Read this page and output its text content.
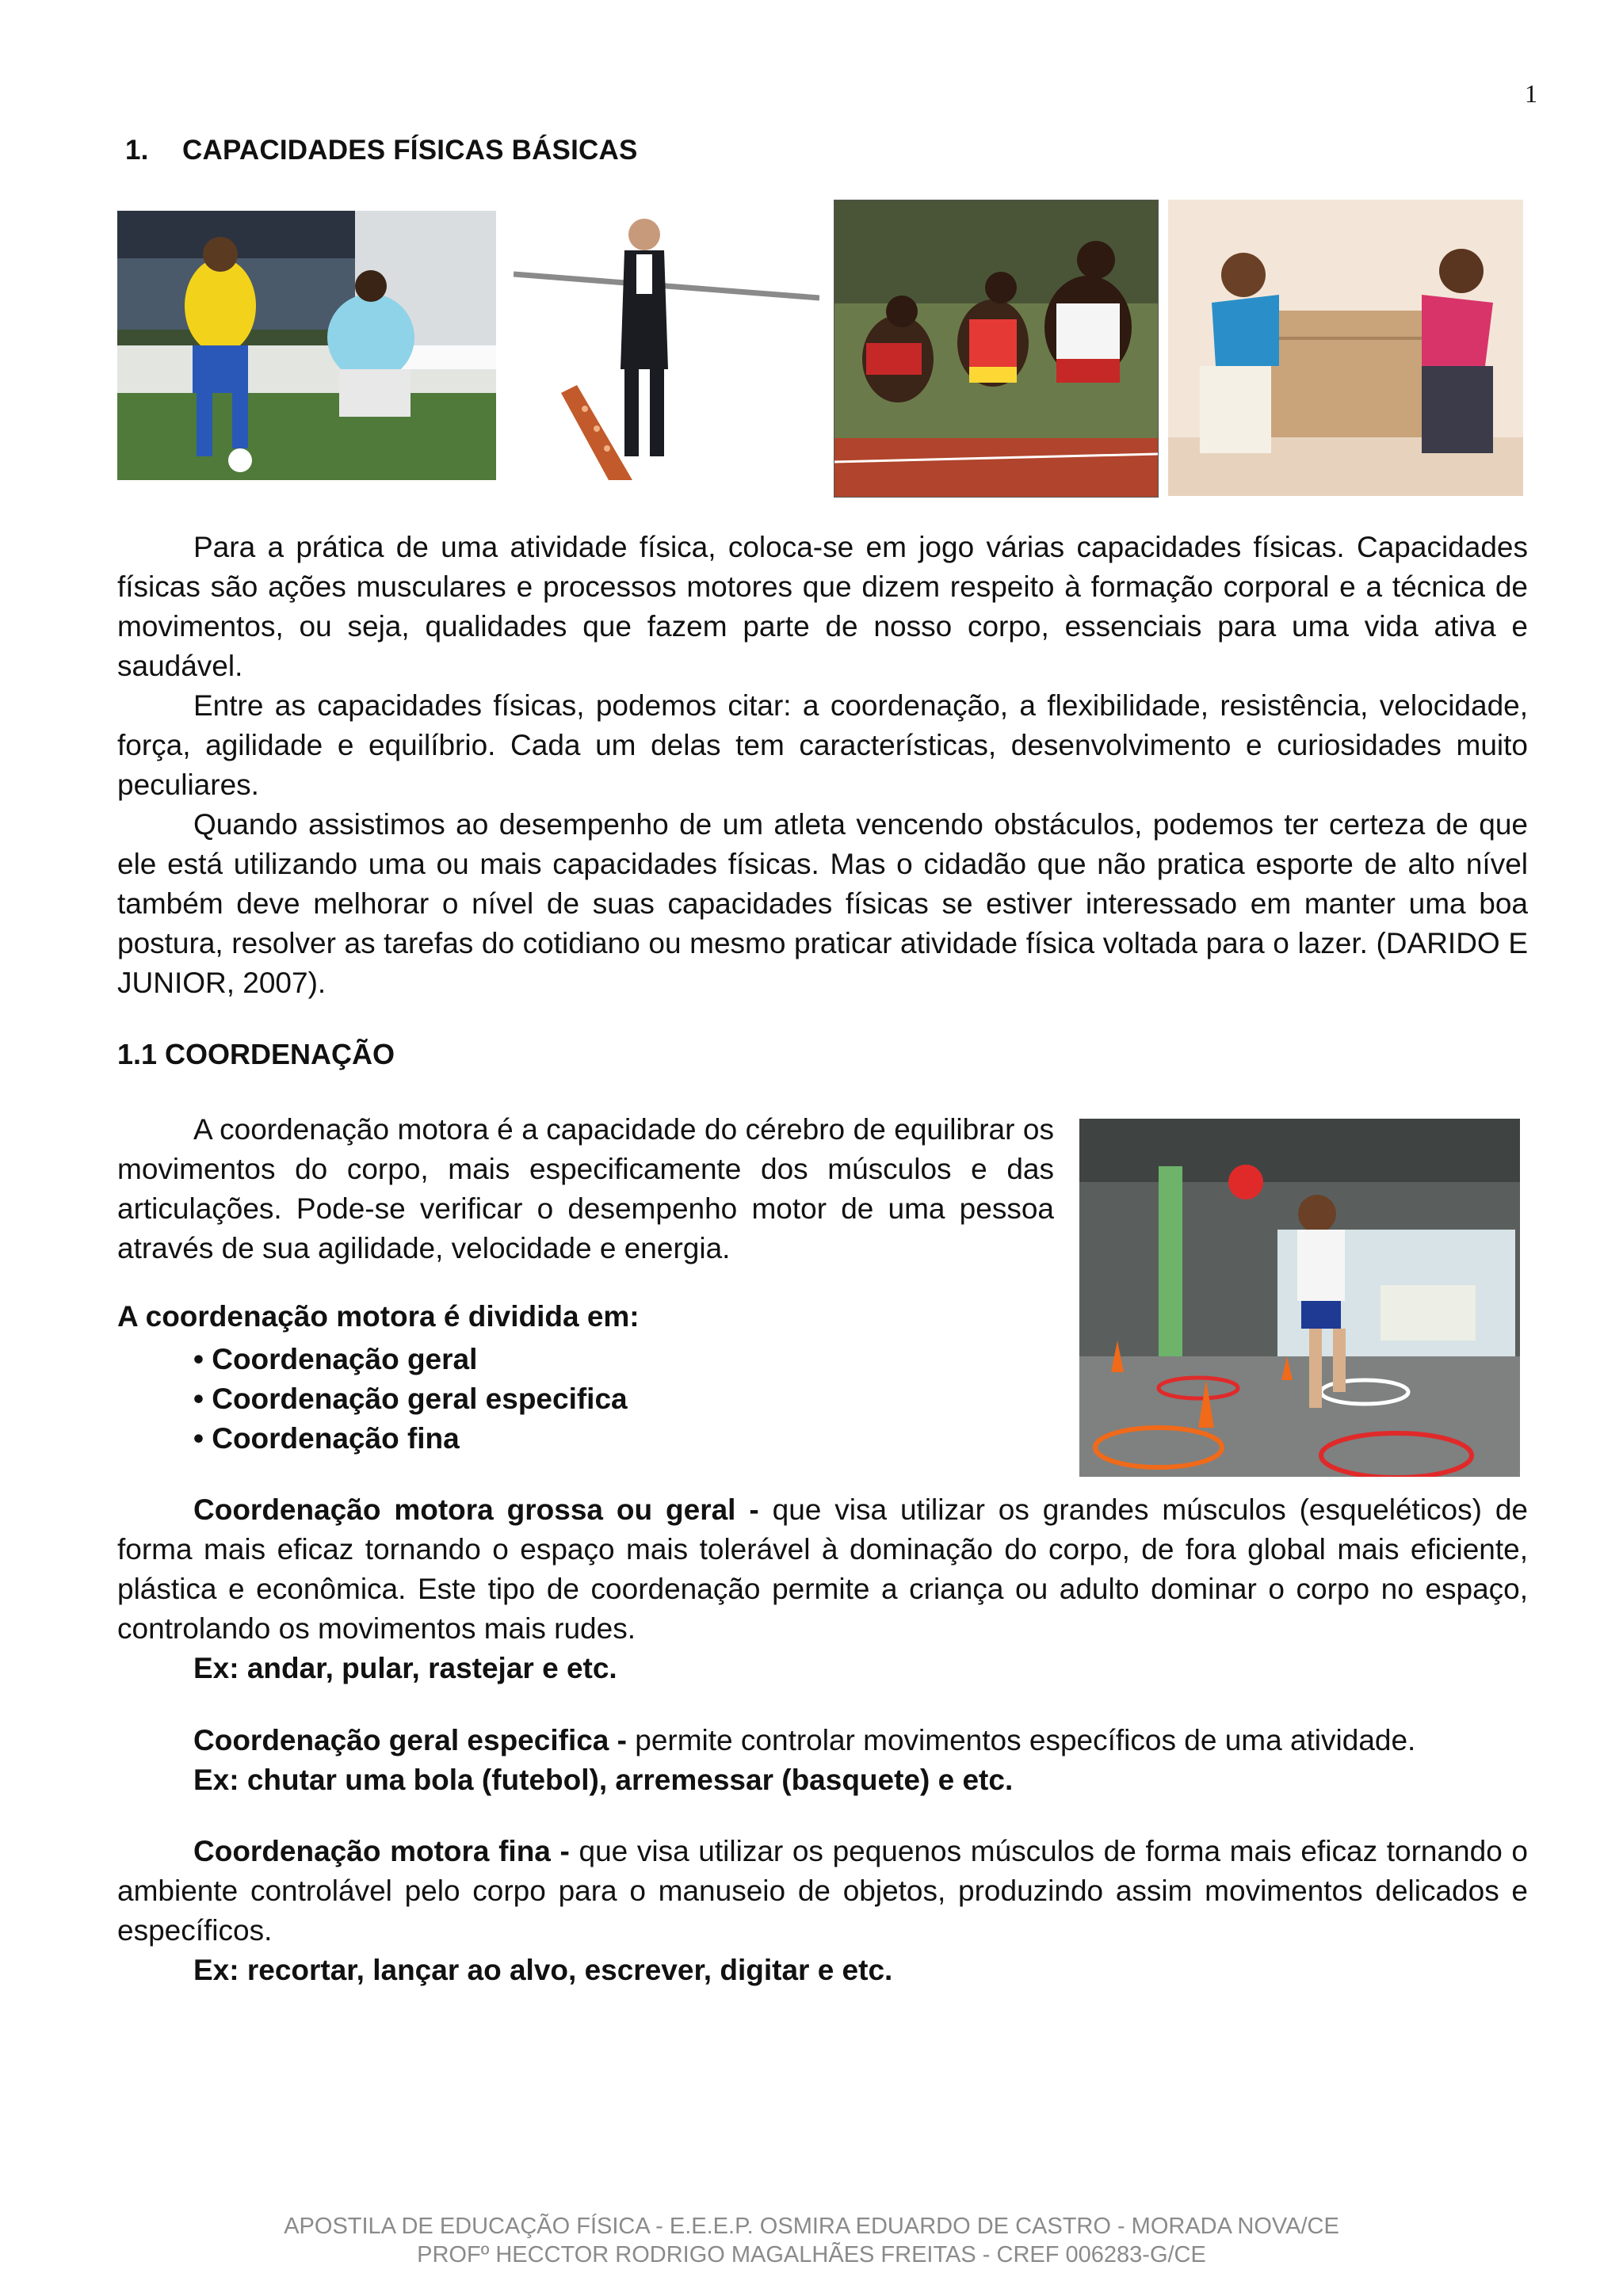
1
1. CAPACIDADES FÍSICAS BÁSICAS
Para a prática de uma atividade física, coloca-se em jogo várias capacidades físicas. Capacidades físicas são ações musculares e processos motores que dizem respeito à formação corporal e a técnica de movimentos, ou seja, qualidades que fazem parte de nosso corpo, essenciais para uma vida ativa e saudável.
Entre as capacidades físicas, podemos citar: a coordenação, a flexibilidade, resistência, velocidade, força, agilidade e equilíbrio. Cada um delas tem características, desenvolvimento e curiosidades muito peculiares.
Quando assistimos ao desempenho de um atleta vencendo obstáculos, podemos ter certeza de que ele está utilizando uma ou mais capacidades físicas. Mas o cidadão que não pratica esporte de alto nível também deve melhorar o nível de suas capacidades físicas se estiver interessado em manter uma boa postura, resolver as tarefas do cotidiano ou mesmo praticar atividade física voltada para o lazer. (DARIDO E JUNIOR, 2007).
1.1 COORDENAÇÃO
A coordenação motora é a capacidade do cérebro de equilibrar os movimentos do corpo, mais especificamente dos músculos e das articulações. Pode-se verificar o desempenho motor de uma pessoa através de sua agilidade, velocidade e energia.
A coordenação motora é dividida em:
• Coordenação geral
• Coordenação geral especifica
• Coordenação fina
Coordenação motora grossa ou geral - que visa utilizar os grandes músculos (esqueléticos) de forma mais eficaz tornando o espaço mais tolerável à dominação do corpo, de fora global mais eficiente, plástica e econômica. Este tipo de coordenação permite a criança ou adulto dominar o corpo no espaço, controlando os movimentos mais rudes.
Ex: andar, pular, rastejar e etc.
Coordenação geral especifica - permite controlar movimentos específicos de uma atividade.
Ex: chutar uma bola (futebol), arremessar (basquete) e etc.
Coordenação motora fina - que visa utilizar os pequenos músculos de forma mais eficaz tornando o ambiente controlável pelo corpo para o manuseio de objetos, produzindo assim movimentos delicados e específicos.
Ex: recortar, lançar ao alvo, escrever, digitar e etc.
APOSTILA DE EDUCAÇÃO FÍSICA - E.E.E.P. OSMIRA EDUARDO DE CASTRO - MORADA NOVA/CE
PROFº HECCTOR RODRIGO MAGALHÃES FREITAS - CREF 006283-G/CE
